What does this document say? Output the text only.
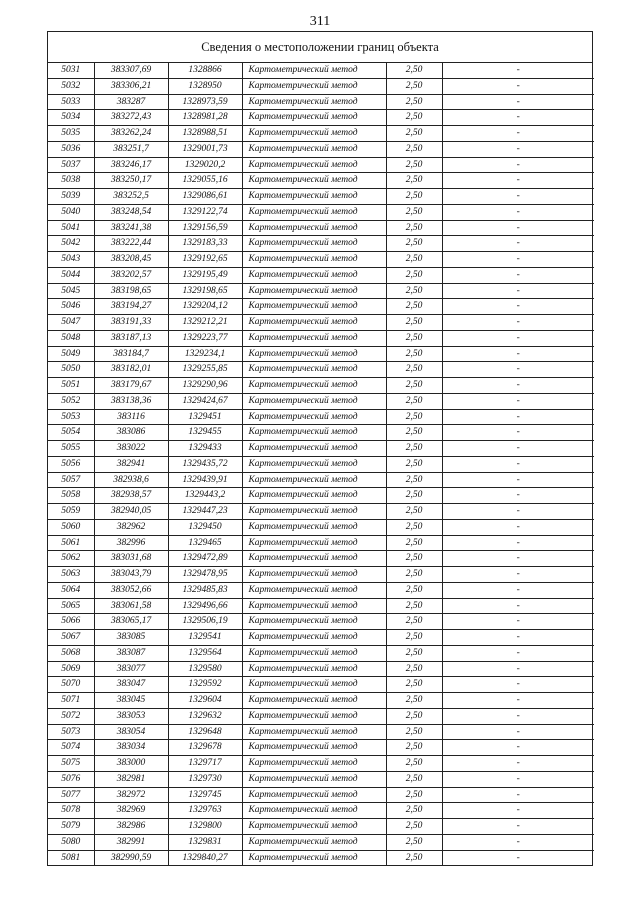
311
Сведения о местоположении границ объекта
5031	383307,69	1328866	Картометрический метод	2,50	-
5032	383306,21	1328950	Картометрический метод	2,50	-
5033	383287	1328973,59	Картометрический метод	2,50	-
5034	383272,43	1328981,28	Картометрический метод	2,50	-
5035	383262,24	1328988,51	Картометрический метод	2,50	-
5036	383251,7	1329001,73	Картометрический метод	2,50	-
5037	383246,17	1329020,2	Картометрический метод	2,50	-
5038	383250,17	1329055,16	Картометрический метод	2,50	-
5039	383252,5	1329086,61	Картометрический метод	2,50	-
5040	383248,54	1329122,74	Картометрический метод	2,50	-
5041	383241,38	1329156,59	Картометрический метод	2,50	-
5042	383222,44	1329183,33	Картометрический метод	2,50	-
5043	383208,45	1329192,65	Картометрический метод	2,50	-
5044	383202,57	1329195,49	Картометрический метод	2,50	-
5045	383198,65	1329198,65	Картометрический метод	2,50	-
5046	383194,27	1329204,12	Картометрический метод	2,50	-
5047	383191,33	1329212,21	Картометрический метод	2,50	-
5048	383187,13	1329223,77	Картометрический метод	2,50	-
5049	383184,7	1329234,1	Картометрический метод	2,50	-
5050	383182,01	1329255,85	Картометрический метод	2,50	-
5051	383179,67	1329290,96	Картометрический метод	2,50	-
5052	383138,36	1329424,67	Картометрический метод	2,50	-
5053	383116	1329451	Картометрический метод	2,50	-
5054	383086	1329455	Картометрический метод	2,50	-
5055	383022	1329433	Картометрический метод	2,50	-
5056	382941	1329435,72	Картометрический метод	2,50	-
5057	382938,6	1329439,91	Картометрический метод	2,50	-
5058	382938,57	1329443,2	Картометрический метод	2,50	-
5059	382940,05	1329447,23	Картометрический метод	2,50	-
5060	382962	1329450	Картометрический метод	2,50	-
5061	382996	1329465	Картометрический метод	2,50	-
5062	383031,68	1329472,89	Картометрический метод	2,50	-
5063	383043,79	1329478,95	Картометрический метод	2,50	-
5064	383052,66	1329485,83	Картометрический метод	2,50	-
5065	383061,58	1329496,66	Картометрический метод	2,50	-
5066	383065,17	1329506,19	Картометрический метод	2,50	-
5067	383085	1329541	Картометрический метод	2,50	-
5068	383087	1329564	Картометрический метод	2,50	-
5069	383077	1329580	Картометрический метод	2,50	-
5070	383047	1329592	Картометрический метод	2,50	-
5071	383045	1329604	Картометрический метод	2,50	-
5072	383053	1329632	Картометрический метод	2,50	-
5073	383054	1329648	Картометрический метод	2,50	-
5074	383034	1329678	Картометрический метод	2,50	-
5075	383000	1329717	Картометрический метод	2,50	-
5076	382981	1329730	Картометрический метод	2,50	-
5077	382972	1329745	Картометрический метод	2,50	-
5078	382969	1329763	Картометрический метод	2,50	-
5079	382986	1329800	Картометрический метод	2,50	-
5080	382991	1329831	Картометрический метод	2,50	-
5081	382990,59	1329840,27	Картометрический метод	2,50	-
